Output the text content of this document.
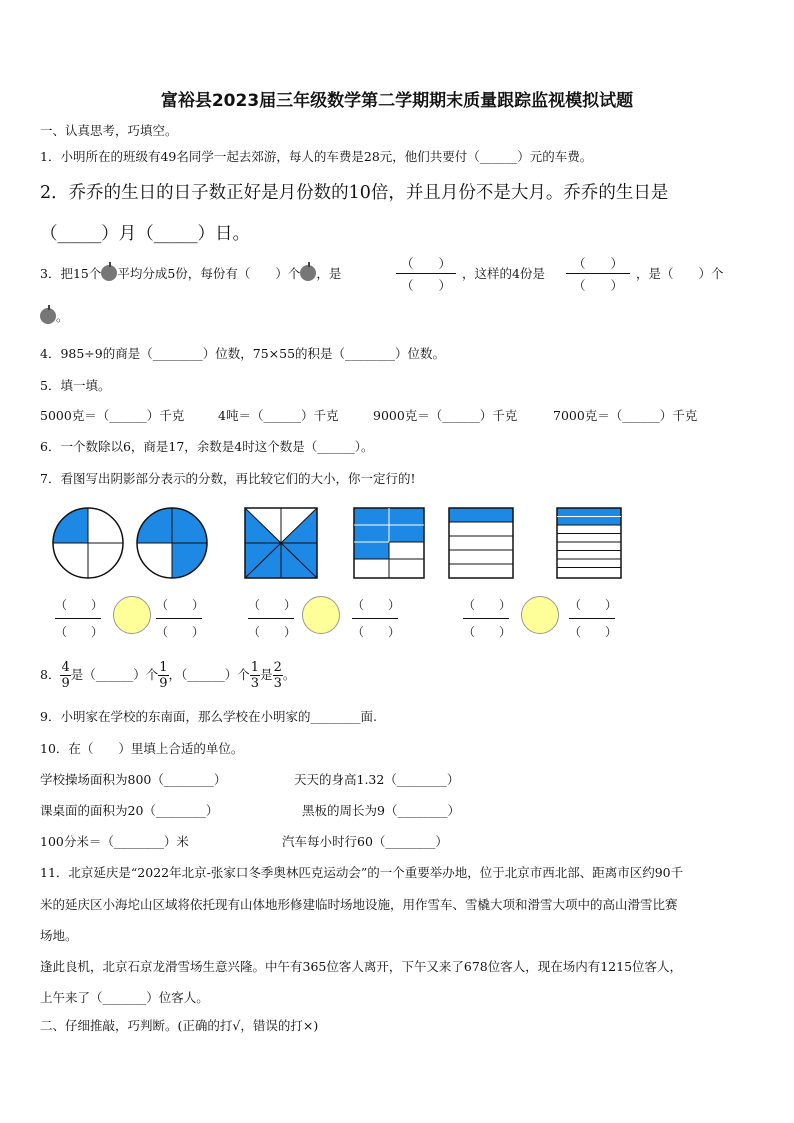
富裕县2023届三年级数学第二学期期末质量跟踪监视模拟试题
一、认真思考，巧填空。
1．小明所在的班级有49名同学一起去郊游，每人的车费是28元，他们共要付（______）元的车费。
2．乔乔的生日的日子数正好是月份数的10倍，并且月份不是大月。乔乔的生日是
（_____）月（_____）日。
3．把15个 平均分成5份，每份有（　　）个 ，是
（　　）
（　　）
，这样的4份是
（　　）
（　　）
，是（　　）个
。
4．985÷9的商是（________）位数，75×55的积是（________）位数。
5．填一填。
5000克＝（______）千克	4吨＝（______）千克	9000克＝（______）千克	7000克＝（______）千克
6．一个数除以6，商是17，余数是4时这个数是（______）。
7．看图写出阴影部分表示的分数，再比较它们的大小，你一定行的!
（　　）
（　　）
（　　）
（　　）
（　　）
（　　）
（　　）
（　　）
（　　）
（　　）
（　　）
（　　）
8． $\frac{4}{9}$ 是（______）个 $\frac{1}{9}$ ，（______）个 $\frac{1}{3}$ 是 $\frac{2}{3}$ 。
9．小明家在学校的东南面，那么学校在小明家的________面.
10．在（　　）里填上合适的单位。
学校操场面积为800（________）	天天的身高1.32（________）
课桌面的面积为20（________）	黑板的周长为9（________）
100分米＝（________）米	汽车每小时行60（________）
11．北京延庆是“2022年北京-张家口冬季奥林匹克运动会”的一个重要举办地，位于北京市西北部、距离市区约90千
米的延庆区小海坨山区域将依托现有山体地形修建临时场地设施，用作雪车、雪橇大项和滑雪大项中的高山滑雪比赛
场地。
逢此良机，北京石京龙滑雪场生意兴隆。中午有365位客人离开，下午又来了678位客人，现在场内有1215位客人，
上午来了（_______）位客人。
二、仔细推敲，巧判断。(正确的打√，错误的打×)
